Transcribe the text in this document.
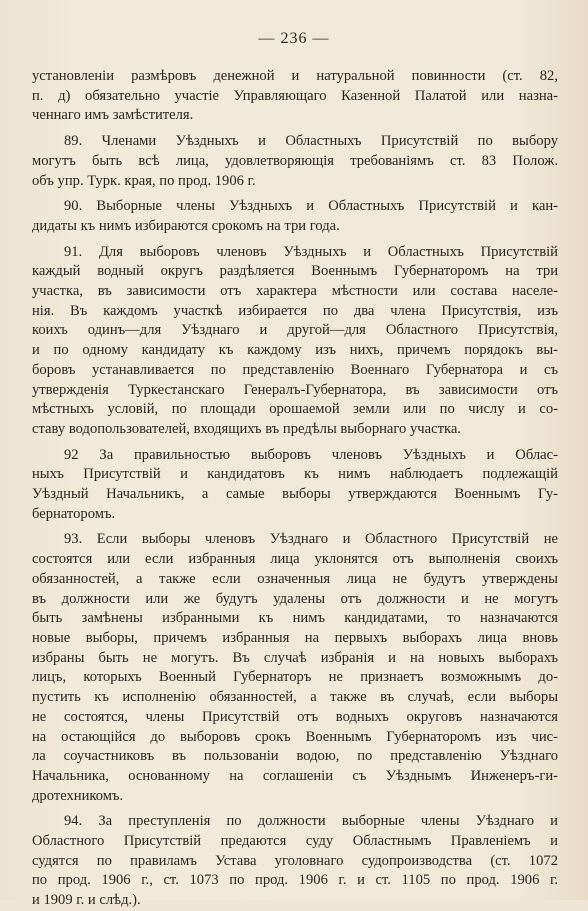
— 236 —
установленіи размѣровъ денежной и натуральной повинности (ст. 82,
п. д) обязательно участіе Управляющаго Казенной Палатой или назна-
ченнаго имъ замѣстителя.
89. Членами Уѣздныхъ и Областныхъ Присутствій по выбору
могутъ быть всѣ лица, удовлетворяющія требованіямъ ст. 83 Полож.
объ упр. Турк. края, по прод. 1906 г.
90. Выборные члены Уѣздныхъ и Областныхъ Присутствій и кан-
дидаты къ нимъ избираются срокомъ на три года.
91. Для выборовъ членовъ Уѣздныхъ и Областныхъ Присутствій
каждый водный округъ раздѣляется Военнымъ Губернаторомъ на три
участка, въ зависимости отъ характера мѣстности или состава населе-
нія. Въ каждомъ участкѣ избирается по два члена Присутствія, изъ
коихъ одинъ—для Уѣзднаго и другой—для Областного Присутствія,
и по одному кандидату къ каждому изъ нихъ, причемъ порядокъ вы-
боровъ устанавливается по представленію Военнаго Губернатора и съ
утвержденія Туркестанскаго Генералъ-Губернатора, въ зависимости отъ
мѣстныхъ условій, по площади орошаемой земли или по числу и со-
ставу водопользователей, входящихъ въ предѣлы выборнаго участка.
92 За правильностью выборовъ членовъ Уѣздныхъ и Облас-
ныхъ Присутствій и кандидатовъ къ нимъ наблюдаетъ подлежащій
Уѣздный Начальникъ, а самые выборы утверждаются Военнымъ Гу-
бернаторомъ.
93. Если выборы членовъ Уѣзднаго и Областного Присутствій не
состоятся или если избранныя лица уклонятся отъ выполненія своихъ
обязанностей, а также если означенныя лица не будутъ утверждены
въ должности или же будутъ удалены отъ должности и не могутъ
быть замѣнены избранными къ нимъ кандидатами, то назначаются
новые выборы, причемъ избранныя на первыхъ выборахъ лица вновь
избраны быть не могутъ. Въ случаѣ избранія и на новыхъ выборахъ
лицъ, которыхъ Военный Губернаторъ не признаетъ возможнымъ до-
пустить къ исполненію обязанностей, а также въ случаѣ, если выборы
не состоятся, члены Присутствій отъ водныхъ округовъ назначаются
на остающійся до выборовъ срокъ Военнымъ Губернаторомъ изъ чис-
ла соучастниковъ въ пользованіи водою, по представленію Уѣзднаго
Начальника, основанному на соглашеніи съ Уѣзднымъ Инженеръ-ги-
дротехникомъ.
94. За преступленія по должности выборные члены Уѣзднаго и
Областного Присутствій предаются суду Областнымъ Правленіемъ и
судятся по правиламъ Устава уголовнаго судопроизводства (ст. 1072
по прод. 1906 г., ст. 1073 по прод. 1906 г. и ст. 1105 по прод. 1906 г.
и 1909 г. и слѣд.).
